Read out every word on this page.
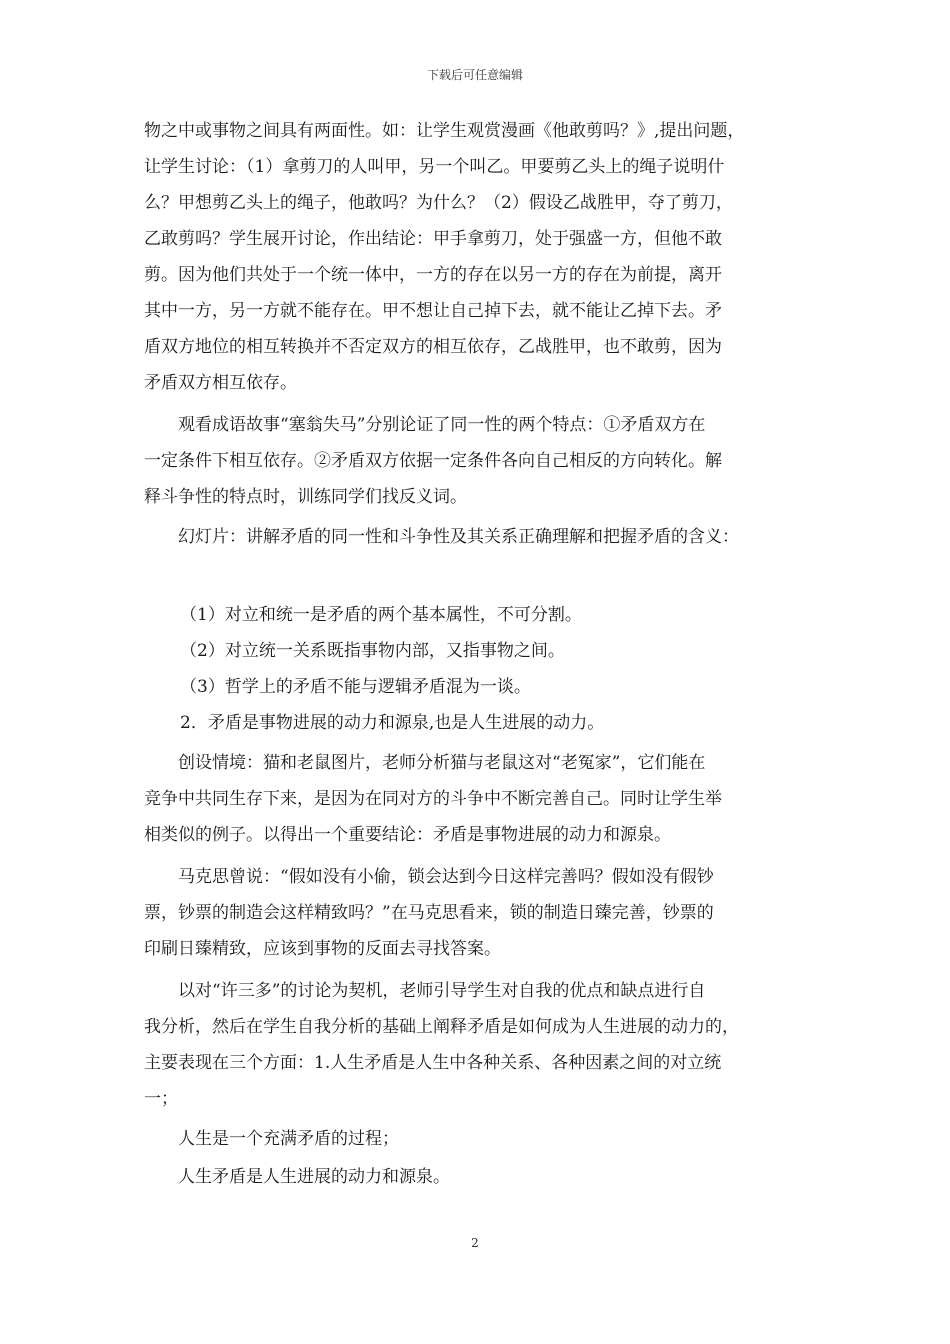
下载后可任意编辑
物之中或事物之间具有两面性。如：让学生观赏漫画《他敢剪吗？》,提出问题，
让学生讨论：（1）拿剪刀的人叫甲，另一个叫乙。甲要剪乙头上的绳子说明什
么？甲想剪乙头上的绳子，他敢吗？为什么？（2）假设乙战胜甲，夺了剪刀，
乙敢剪吗？学生展开讨论，作出结论：甲手拿剪刀，处于强盛一方，但他不敢
剪。因为他们共处于一个统一体中，一方的存在以另一方的存在为前提，离开
其中一方，另一方就不能存在。甲不想让自己掉下去，就不能让乙掉下去。矛
盾双方地位的相互转换并不否定双方的相互依存，乙战胜甲，也不敢剪，因为
矛盾双方相互依存。
观看成语故事“塞翁失马”分别论证了同一性的两个特点：①矛盾双方在
一定条件下相互依存。②矛盾双方依据一定条件各向自己相反的方向转化。解
释斗争性的特点时，训练同学们找反义词。
幻灯片：讲解矛盾的同一性和斗争性及其关系正确理解和把握矛盾的含义：
（1）对立和统一是矛盾的两个基本属性，不可分割。
（2）对立统一关系既指事物内部，又指事物之间。
（3）哲学上的矛盾不能与逻辑矛盾混为一谈。
2．矛盾是事物进展的动力和源泉,也是人生进展的动力。
创设情境：猫和老鼠图片，老师分析猫与老鼠这对“老冤家”，它们能在
竞争中共同生存下来，是因为在同对方的斗争中不断完善自己。同时让学生举
相类似的例子。以得出一个重要结论：矛盾是事物进展的动力和源泉。
马克思曾说：“假如没有小偷，锁会达到今日这样完善吗？假如没有假钞
票，钞票的制造会这样精致吗？”在马克思看来，锁的制造日臻完善，钞票的
印刷日臻精致，应该到事物的反面去寻找答案。
以对“许三多”的讨论为契机，老师引导学生对自我的优点和缺点进行自
我分析，然后在学生自我分析的基础上阐释矛盾是如何成为人生进展的动力的，
主要表现在三个方面：1.人生矛盾是人生中各种关系、各种因素之间的对立统
一；
人生是一个充满矛盾的过程；
人生矛盾是人生进展的动力和源泉。
2
